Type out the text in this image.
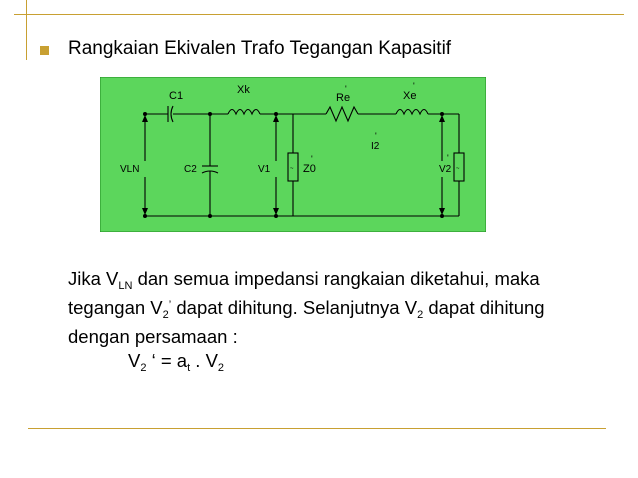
Rangkaian Ekivalen Trafo Tegangan Kapasitif
~	~
C1	Xk
Re
'
Xe
'
VLN	C2	V1	Z0
'
I2
'
V2
'
Jika $V_{LN}$ dan semua impedansi rangkaian diketahui, maka
tegangan $V_2^’$ dapat dihitung. Selanjutnya $V_2$ dapat dihitung
dengan persamaan :
$V_2$ ‘ = $a_t$ . $V_2$
